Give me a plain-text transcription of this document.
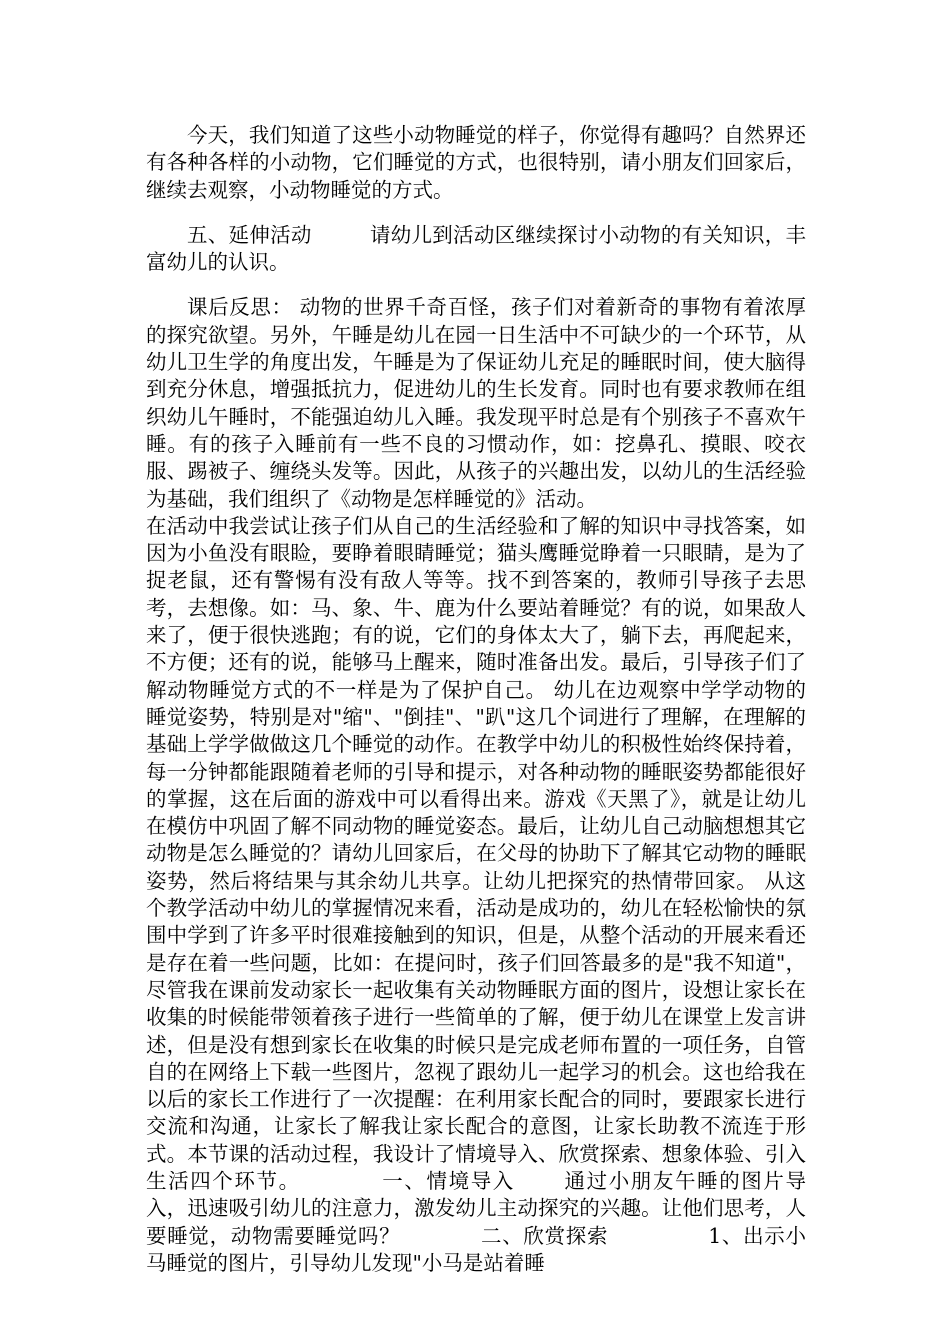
今天，我们知道了这些小动物睡觉的样子，你觉得有趣吗？自然界还有各种各样的小动物，它们睡觉的方式，也很特别，请小朋友们回家后，继续去观察，小动物睡觉的方式。

五、延伸活动	请幼儿到活动区继续探讨小动物的有关知识，丰富幼儿的认识。

课后反思： 动物的世界千奇百怪，孩子们对着新奇的事物有着浓厚的探究欲望。另外，午睡是幼儿在园一日生活中不可缺少的一个环节，从幼儿卫生学的角度出发，午睡是为了保证幼儿充足的睡眠时间，使大脑得到充分休息，增强抵抗力，促进幼儿的生长发育。同时也有要求教师在组织幼儿午睡时，不能强迫幼儿入睡。我发现平时总是有个别孩子不喜欢午睡。有的孩子入睡前有一些不良的习惯动作，如：挖鼻孔、摸眼、咬衣服、踢被子、缠绕头发等。因此，从孩子的兴趣出发，以幼儿的生活经验为基础，我们组织了《动物是怎样睡觉的》活动。

在活动中我尝试让孩子们从自己的生活经验和了解的知识中寻找答案，如因为小鱼没有眼睑，要睁着眼睛睡觉；猫头鹰睡觉睁着一只眼睛，是为了捉老鼠，还有警惕有没有敌人等等。找不到答案的，教师引导孩子去思考，去想像。如：马、象、牛、鹿为什么要站着睡觉？有的说，如果敌人来了，便于很快逃跑；有的说，它们的身体太大了，躺下去，再爬起来，不方便；还有的说，能够马上醒来，随时准备出发。最后，引导孩子们了解动物睡觉方式的不一样是为了保护自己。 幼儿在边观察中学学动物的睡觉姿势，特别是对"缩"、"倒挂"、"趴"这几个词进行了理解，在理解的基础上学学做做这几个睡觉的动作。在教学中幼儿的积极性始终保持着，每一分钟都能跟随着老师的引导和提示，对各种动物的睡眠姿势都能很好的掌握，这在后面的游戏中可以看得出来。游戏《天黑了》，就是让幼儿在模仿中巩固了解不同动物的睡觉姿态。最后，让幼儿自己动脑想想其它动物是怎么睡觉的？请幼儿回家后，在父母的协助下了解其它动物的睡眠姿势，然后将结果与其余幼儿共享。让幼儿把探究的热情带回家。 从这个教学活动中幼儿的掌握情况来看，活动是成功的，幼儿在轻松愉快的氛围中学到了许多平时很难接触到的知识，但是，从整个活动的开展来看还是存在着一些问题，比如：在提问时，孩子们回答最多的是"我不知道"，尽管我在课前发动家长一起收集有关动物睡眠方面的图片，设想让家长在收集的时候能带领着孩子进行一些简单的了解，便于幼儿在课堂上发言讲述，但是没有想到家长在收集的时候只是完成老师布置的一项任务，自管自的在网络上下载一些图片，忽视了跟幼儿一起学习的机会。这也给我在以后的家长工作进行了一次提醒：在利用家长配合的同时，要跟家长进行交流和沟通，让家长了解我让家长配合的意图，让家长助教不流连于形式。本节课的活动过程，我设计了情境导入、欣赏探索、想象体验、引入生活四个环节。	一、情境导入 通过小朋友午睡的图片导入，迅速吸引幼儿的注意力，激发幼儿主动探究的兴趣。让他们思考，人要睡觉，动物需要睡觉吗？	二、欣赏探索	1、出示小马睡觉的图片，引导幼儿发现"小马是站着睡
